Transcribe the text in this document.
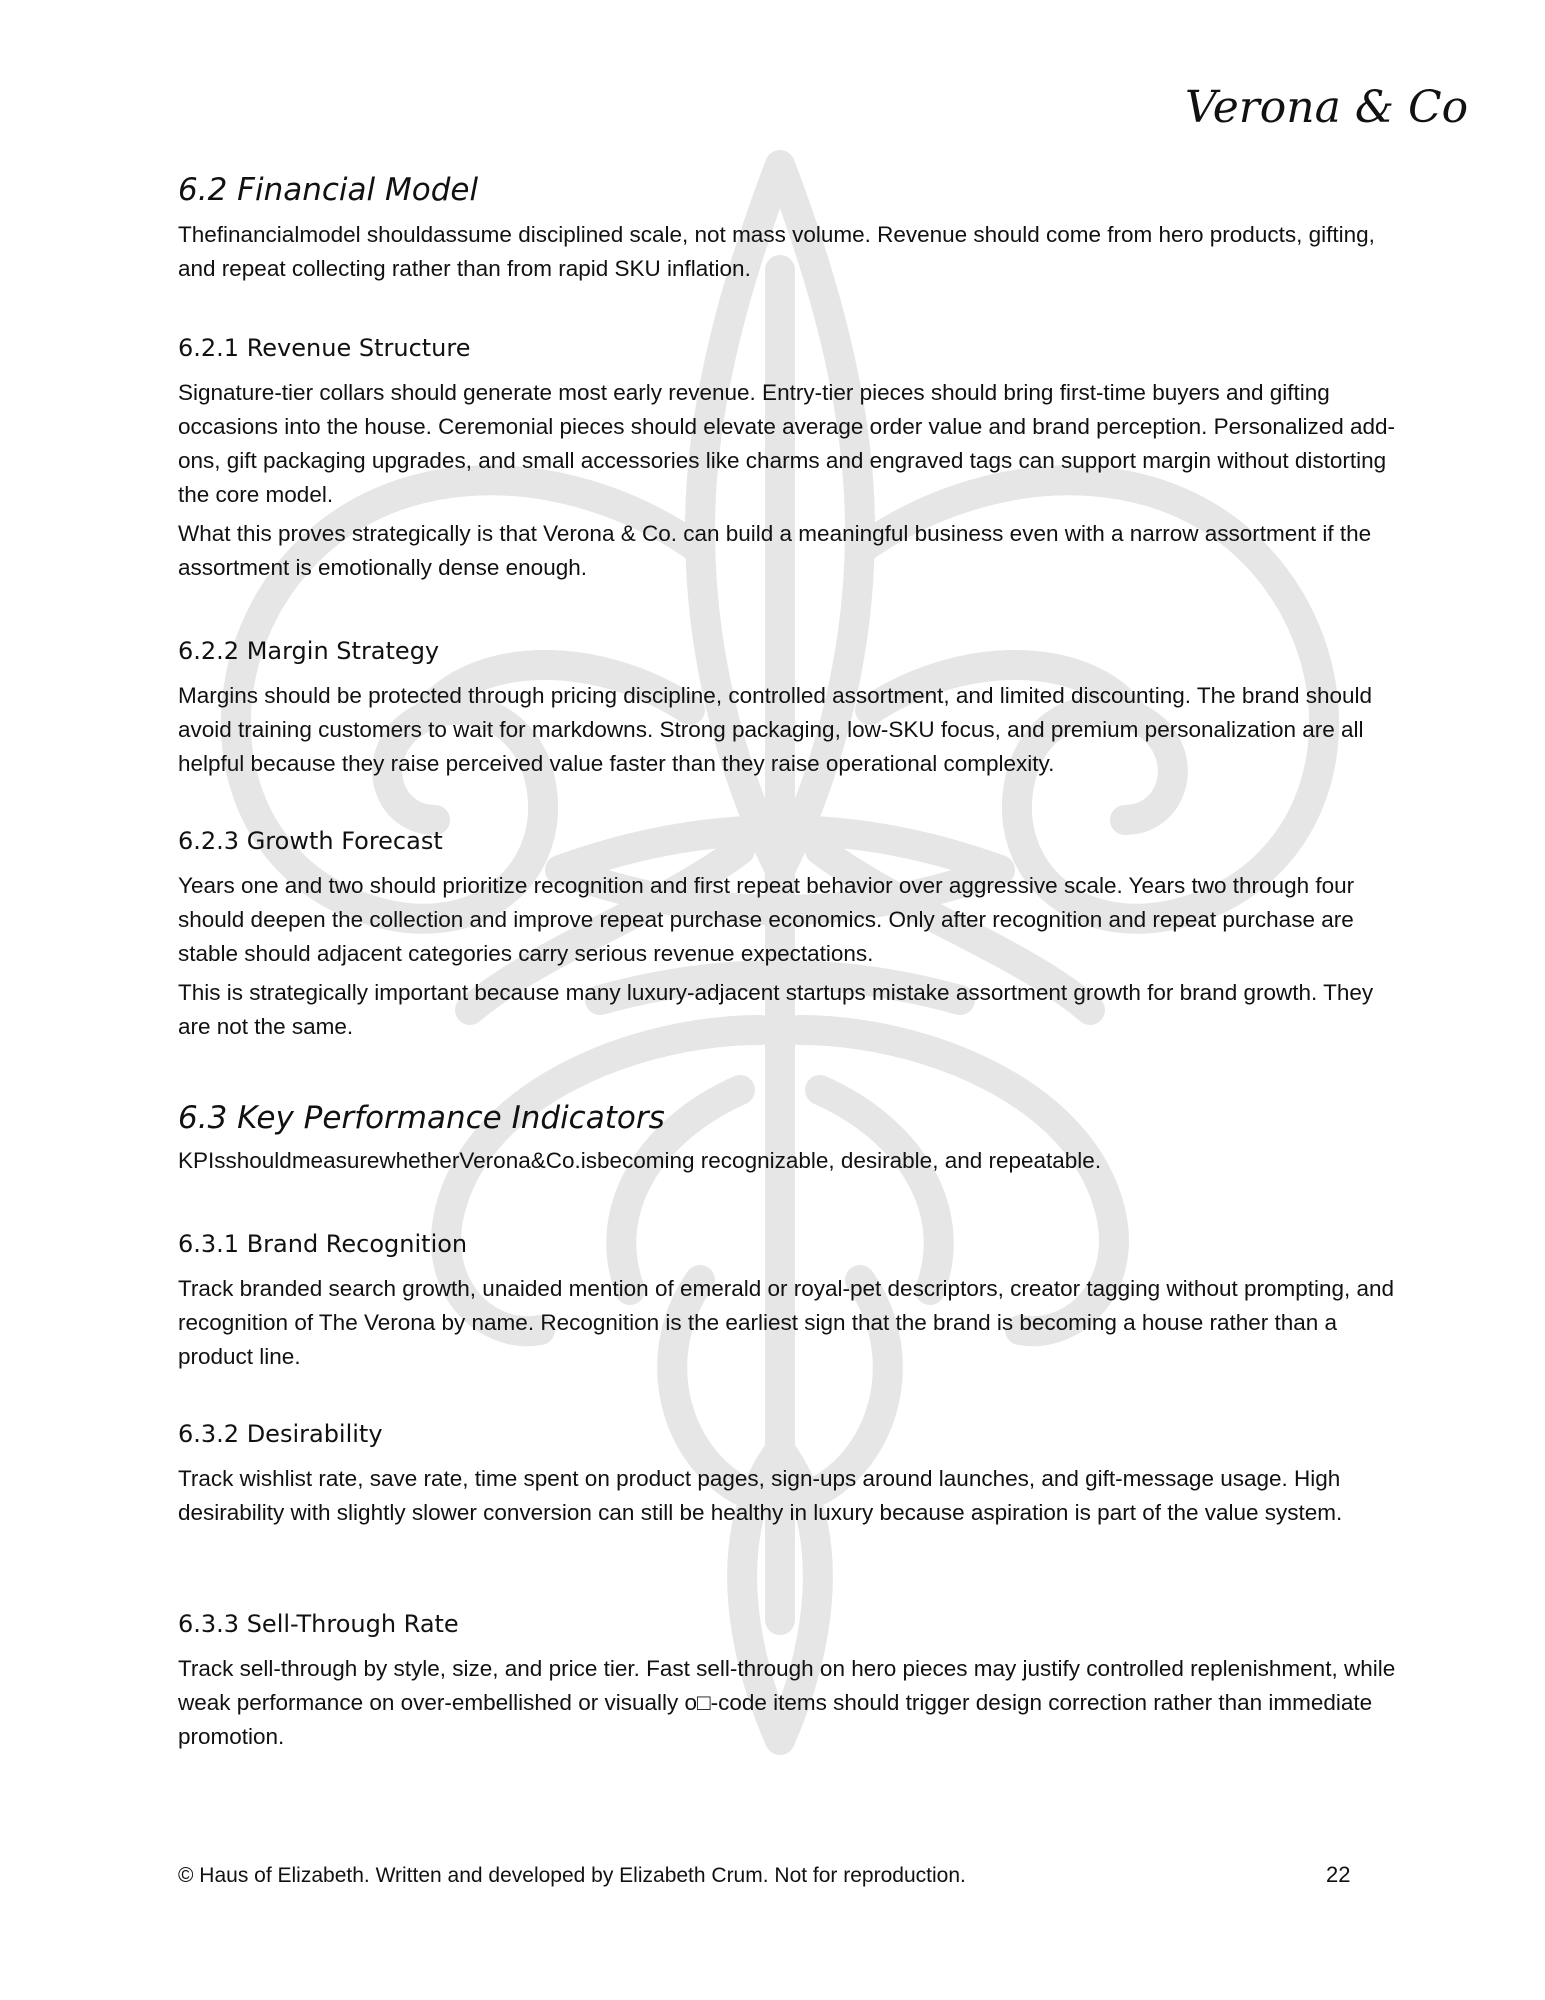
Verona & Co
6.2 Financial Model

Thefinancialmodel shouldassume disciplined scale, not mass volume. Revenue should come from hero products, gifting, and repeat collecting rather than from rapid SKU inflation.

6.2.1 Revenue Structure

Signature-tier collars should generate most early revenue. Entry-tier pieces should bring first-time buyers and gifting occasions into the house. Ceremonial pieces should elevate average order value and brand perception. Personalized add-ons, gift packaging upgrades, and small accessories like charms and engraved tags can support margin without distorting the core model.

What this proves strategically is that Verona & Co. can build a meaningful business even with a narrow assortment if the assortment is emotionally dense enough.

6.2.2 Margin Strategy

Margins should be protected through pricing discipline, controlled assortment, and limited discounting. The brand should avoid training customers to wait for markdowns. Strong packaging, low-SKU focus, and premium personalization are all helpful because they raise perceived value faster than they raise operational complexity.

6.2.3 Growth Forecast

Years one and two should prioritize recognition and first repeat behavior over aggressive scale. Years two through four should deepen the collection and improve repeat purchase economics. Only after recognition and repeat purchase are stable should adjacent categories carry serious revenue expectations.

This is strategically important because many luxury-adjacent startups mistake assortment growth for brand growth. They are not the same.

6.3 Key Performance Indicators

KPIsshouldmeasurewhetherVerona&Co.isbecoming recognizable, desirable, and repeatable.

6.3.1 Brand Recognition

Track branded search growth, unaided mention of emerald or royal-pet descriptors, creator tagging without prompting, and recognition of The Verona by name. Recognition is the earliest sign that the brand is becoming a house rather than a product line.

6.3.2 Desirability

Track wishlist rate, save rate, time spent on product pages, sign-ups around launches, and gift-message usage. High desirability with slightly slower conversion can still be healthy in luxury because aspiration is part of the value system.

6.3.3 Sell-Through Rate

Track sell-through by style, size, and price tier. Fast sell-through on hero pieces may justify controlled replenishment, while weak performance on over-embellished or visually o□-code items should trigger design correction rather than immediate promotion.

© Haus of Elizabeth. Written and developed by Elizabeth Crum. Not for reproduction.	22
